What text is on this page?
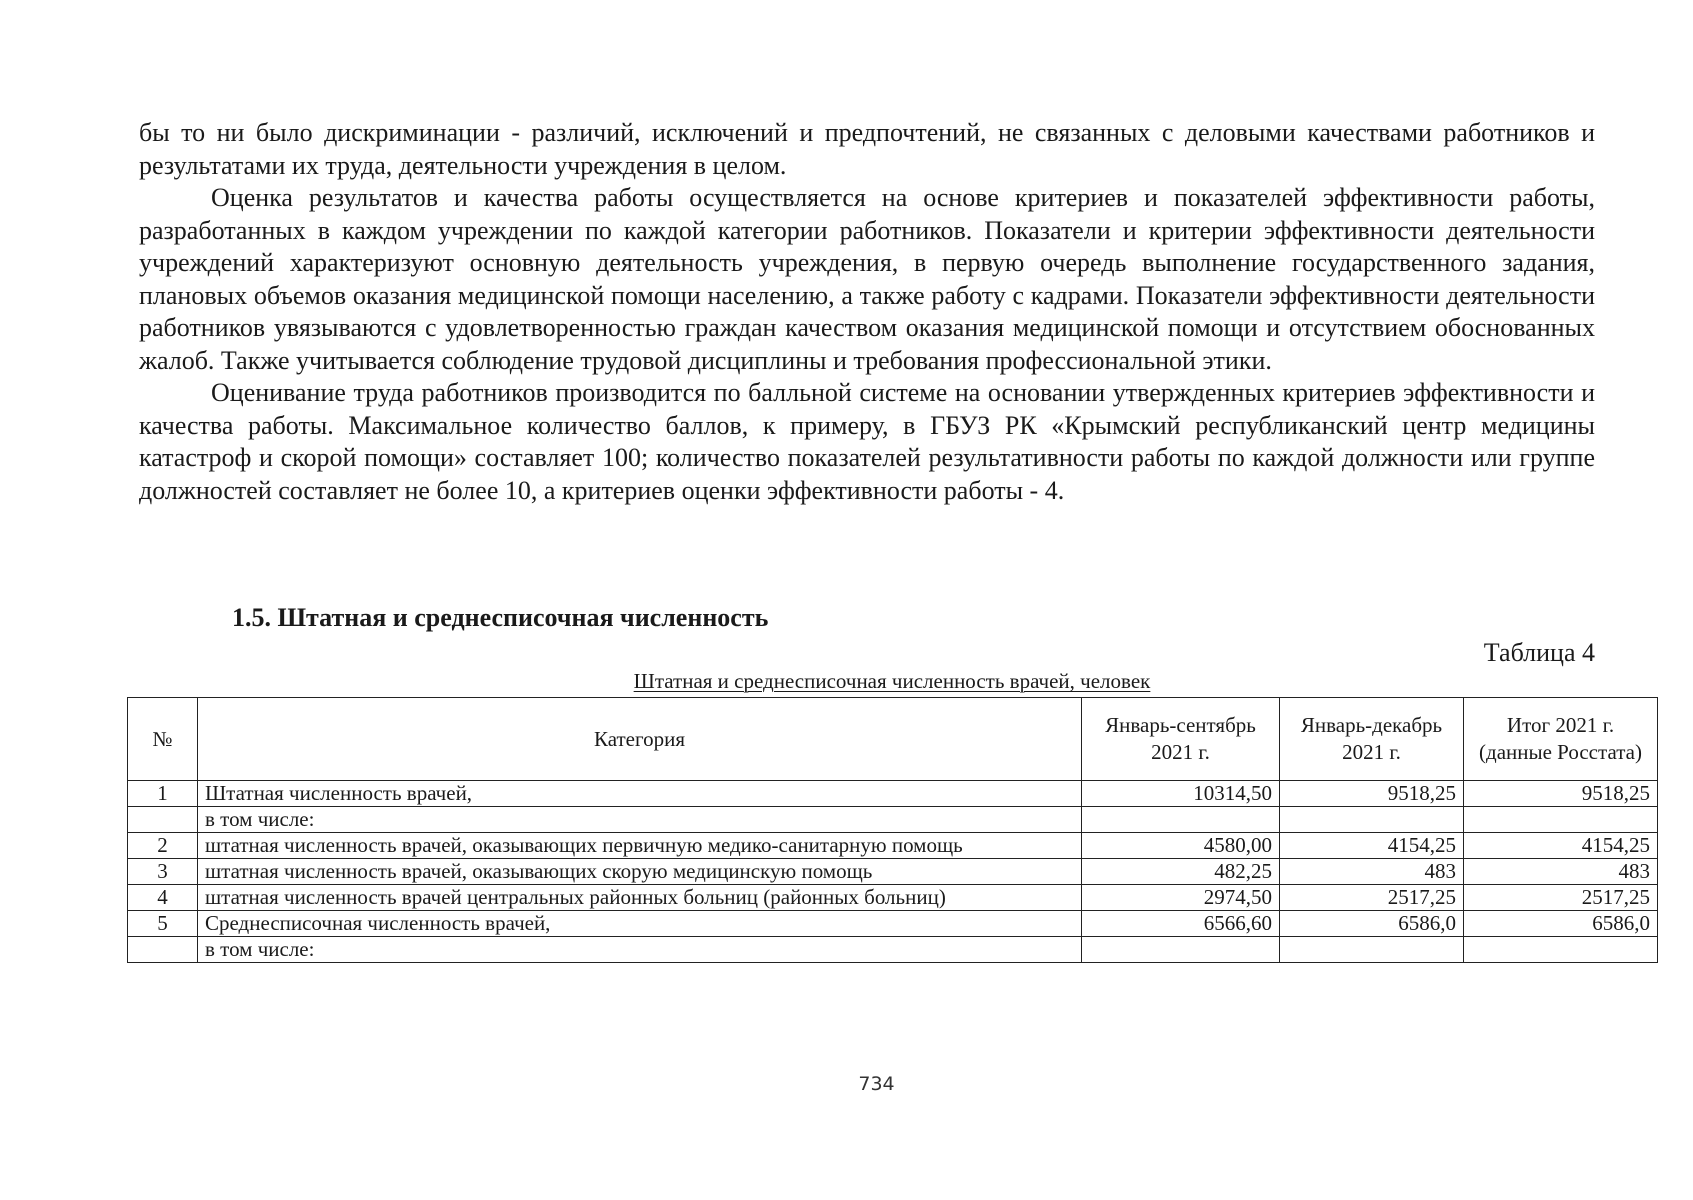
бы то ни было дискриминации - различий, исключений и предпочтений, не связанных с деловыми качествами работников и результатами их труда, деятельности учреждения в целом.

Оценка результатов и качества работы осуществляется на основе критериев и показателей эффективности работы, разработанных в каждом учреждении по каждой категории работников. Показатели и критерии эффективности деятельности учреждений характеризуют основную деятельность учреждения, в первую очередь выполнение государственного задания, плановых объемов оказания медицинской помощи населению, а также работу с кадрами. Показатели эффективности деятельности работников увязываются с удовлетворенностью граждан качеством оказания медицинской помощи и отсутствием обоснованных жалоб. Также учитывается соблюдение трудовой дисциплины и требования профессиональной этики.

Оценивание труда работников производится по балльной системе на основании утвержденных критериев эффективности и качества работы. Максимальное количество баллов, к примеру, в ГБУЗ РК «Крымский республиканский центр медицины катастроф и скорой помощи» составляет 100; количество показателей результативности работы по каждой должности или группе должностей составляет не более 10, а критериев оценки эффективности работы - 4.

1.5. Штатная и среднесписочная численность
Таблица 4
Штатная и среднесписочная численность врачей, человек
№	Категория	Январь-сентябрь 2021 г.	Январь-декабрь 2021 г.	Итог 2021 г. (данные Росстата)
1	Штатная численность врачей,	10314,50	9518,25	9518,25
	в том числе:			
2	штатная численность врачей, оказывающих первичную медико-санитарную помощь	4580,00	4154,25	4154,25
3	штатная численность врачей, оказывающих скорую медицинскую помощь	482,25	483	483
4	штатная численность врачей центральных районных больниц (районных больниц)	2974,50	2517,25	2517,25
5	Среднесписочная численность врачей,	6566,60	6586,0	6586,0
	в том числе:			
734
